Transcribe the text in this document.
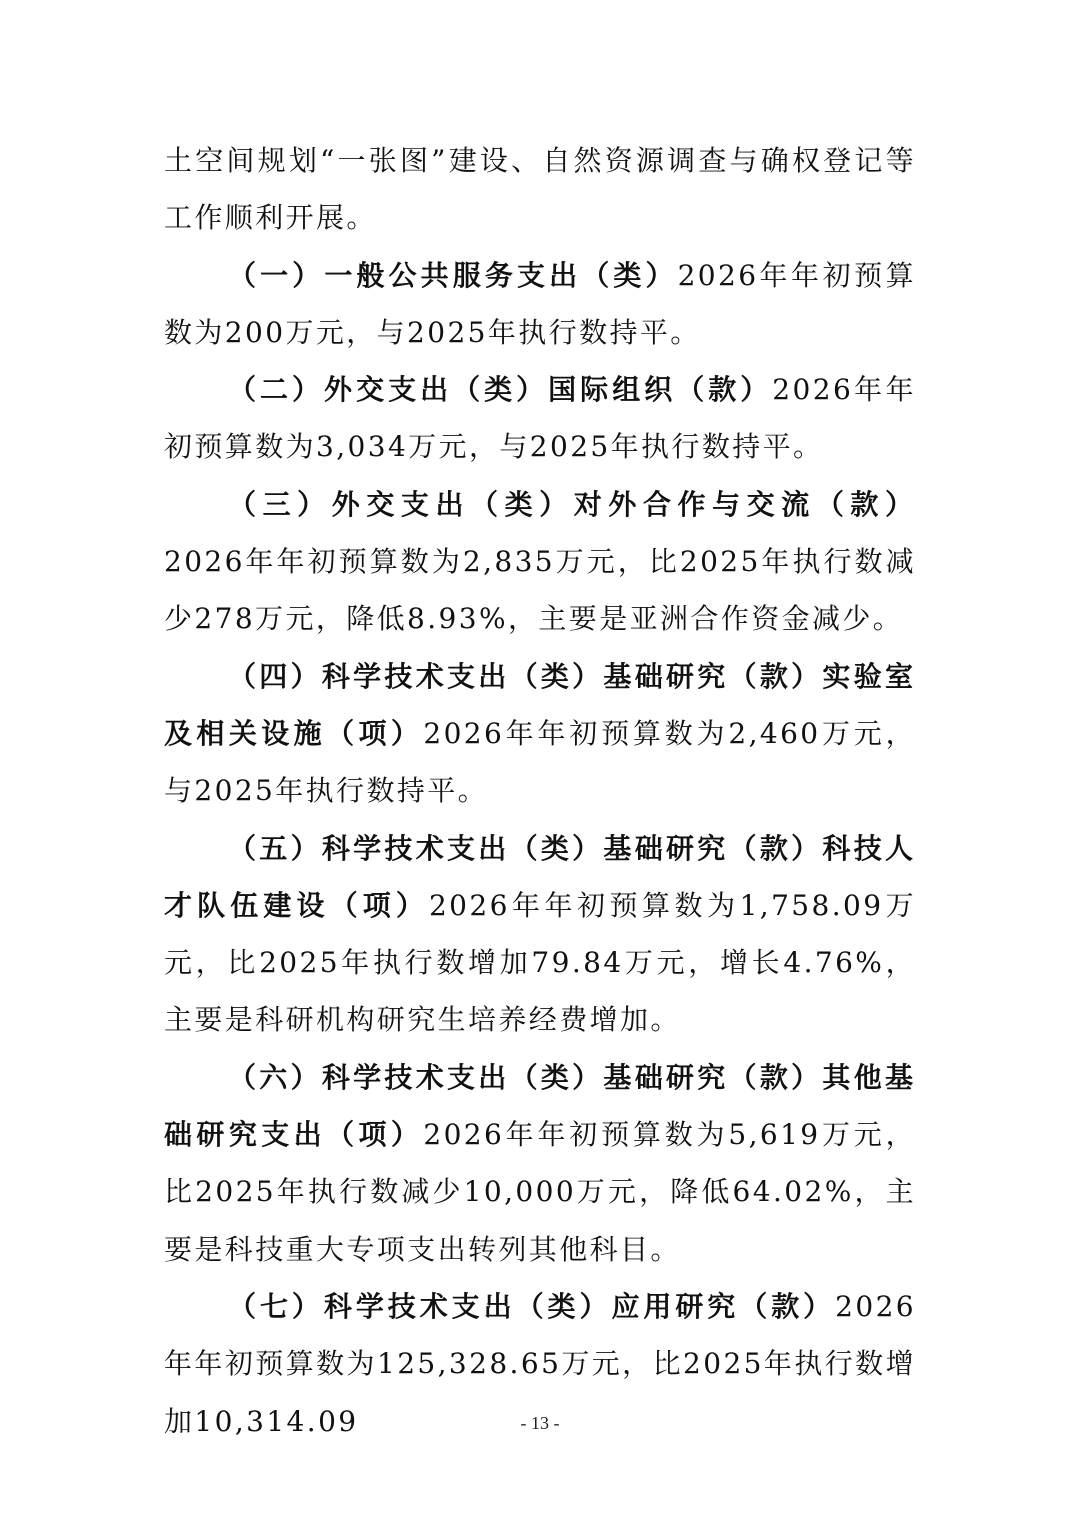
土空间规划“一张图”建设、自然资源调查与确权登记等工作顺利开展。

（一）一般公共服务支出（类）2026年年初预算数为200万元，与2025年执行数持平。

（二）外交支出（类）国际组织（款）2026年年初预算数为3,034万元，与2025年执行数持平。

（三）外交支出（类）对外合作与交流（款）2026年年初预算数为2,835万元，比2025年执行数减少278万元，降低8.93%，主要是亚洲合作资金减少。

（四）科学技术支出（类）基础研究（款）实验室及相关设施（项）2026年年初预算数为2,460万元，与2025年执行数持平。

（五）科学技术支出（类）基础研究（款）科技人才队伍建设（项）2026年年初预算数为1,758.09万元，比2025年执行数增加79.84万元，增长4.76%，主要是科研机构研究生培养经费增加。

（六）科学技术支出（类）基础研究（款）其他基础研究支出（项）2026年年初预算数为5,619万元，比2025年执行数减少10,000万元，降低64.02%，主要是科技重大专项支出转列其他科目。

（七）科学技术支出（类）应用研究（款）2026年年初预算数为125,328.65万元，比2025年执行数增加10,314.09	- 13 -
